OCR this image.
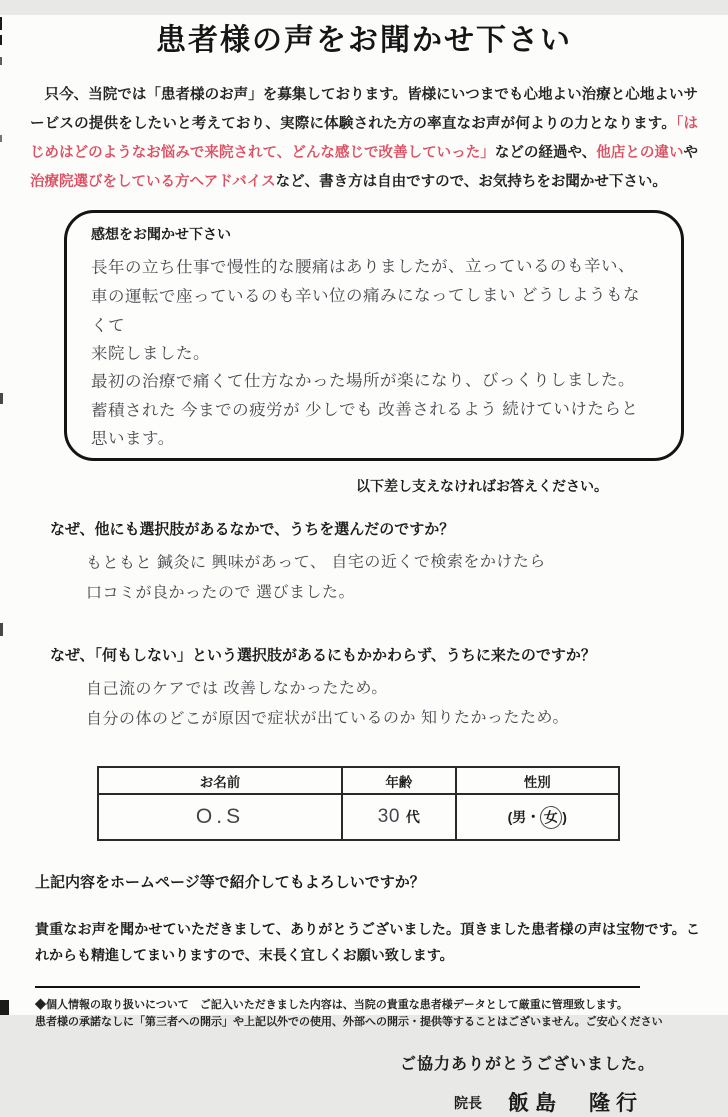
患者様の声をお聞かせ下さい

　只今、当院では「患者様のお声」を募集しております。皆様にいつまでも心地よい治療と心地よいサービスの提供をしたいと考えており、実際に体験された方の率直なお声が何よりの力となります。「はじめはどのようなお悩みで来院されて、どんな感じで改善していった」などの経過や、他店との違いや治療院選びをしている方へアドバイスなど、書き方は自由ですので、お気持ちをお聞かせ下さい。

感想をお聞かせ下さい
長年の立ち仕事で慢性的な腰痛はありましたが、立っているのも辛い、
車の運転で座っているのも辛い位の痛みになってしまい どうしようもなくて
来院しました。
最初の治療で痛くて仕方なかった場所が楽になり、びっくりしました。
蓄積された 今までの疲労が 少しでも 改善されるよう 続けていけたらと
思います。
以下差し支えなければお答えください。
なぜ、他にも選択肢があるなかで、うちを選んだのですか？
もともと 鍼灸に 興味があって、 自宅の近くで検索をかけたら
口コミが良かったので 選びました。
なぜ、「何もしない」という選択肢があるにもかかわらず、うちに来たのですか？
自己流のケアでは 改善しなかったため。
自分の体のどこが原因で症状が出ているのか 知りたかったため。
お名前	年齢	性別
O.S	30 代	(男・ 女 )
上記内容をホームページ等で紹介してもよろしいですか？

貴重なお声を聞かせていただきまして、ありがとうございました。頂きました患者様の声は宝物です。これからも精進してまいりますので、末長く宜しくお願い致します。

◆個人情報の取り扱いについて　ご記入いただきました内容は、当院の貴重な患者様データとして厳重に管理致します。
患者様の承諾なしに「第三者への開示」や上記以外での使用、外部への開示・提供等することはございません。ご安心ください
ご協力ありがとうございました。
院長 飯島　隆行
